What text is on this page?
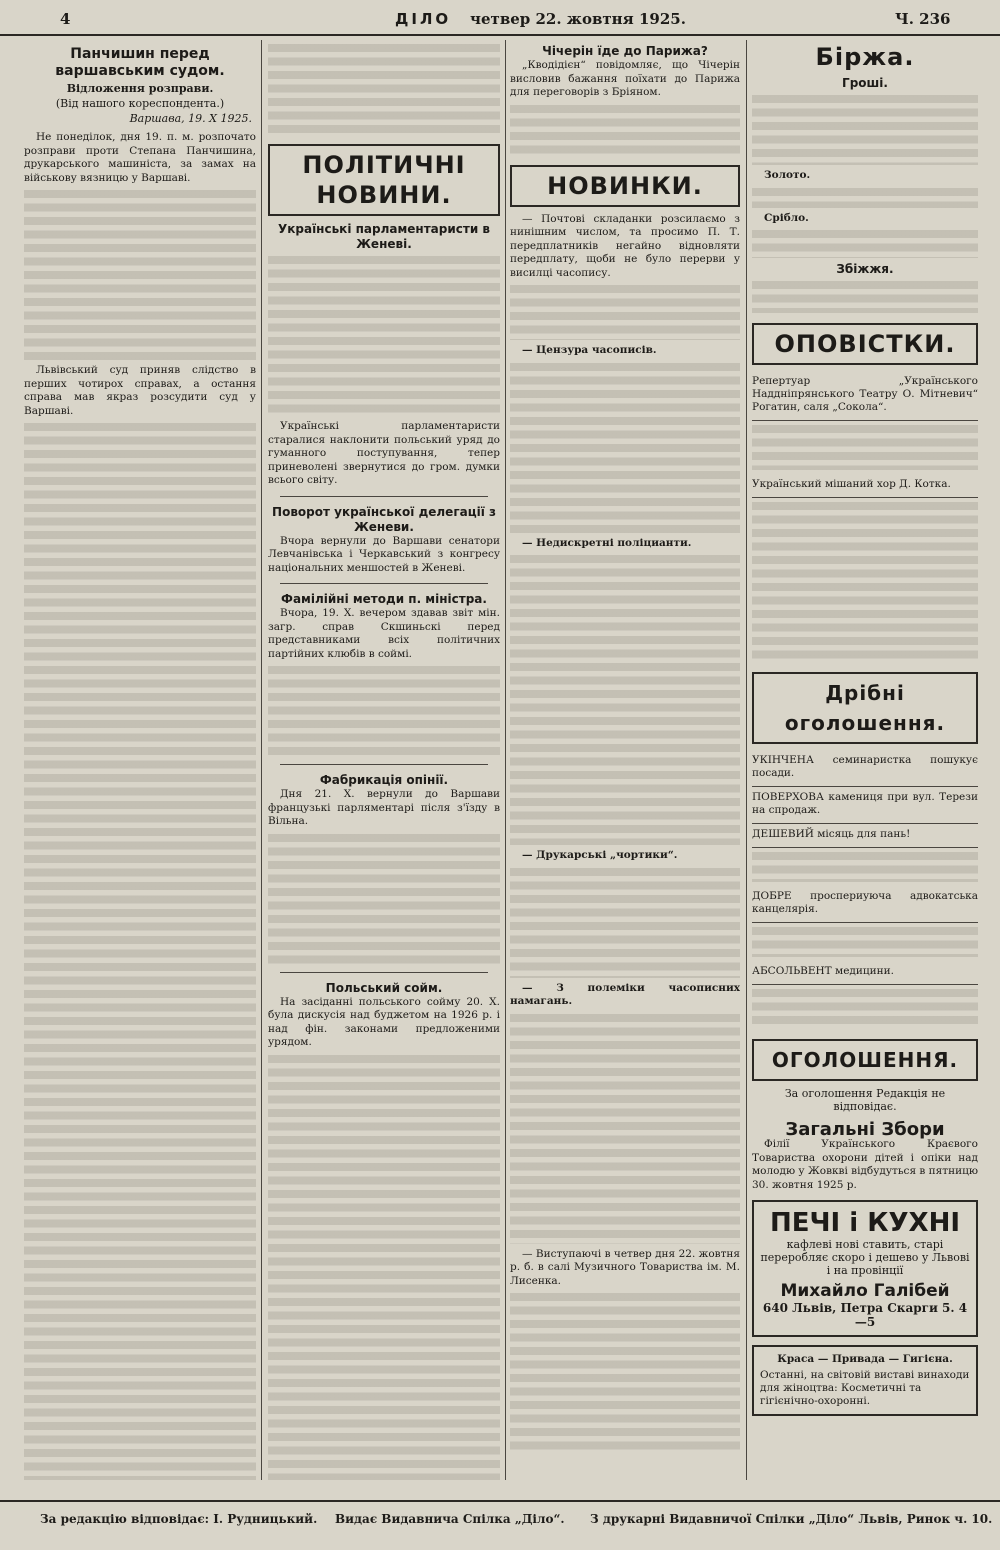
4	ДІЛО четвер 22. жовтня 1925.	Ч. 236
Панчишин перед варшавським судом.
Відложення розправи.
(Від нашого кореспондента.)
Варшава, 19. Х 1925.

Не понеділок, дня 19. п. м. розпочато розправи проти Степана Панчишина, друкарського машиніста, за замах на військову вязницю у Варшаві.

Львівський суд приняв слідство в перших чотирох справах, а остання справа мав якраз розсудити суд у Варшаві.

ПОЛІТИЧНІ НОВИНИ.
Українські парламентаристи в Женеві.

Українські парламентаристи старалися наклонити польський уряд до гуманного поступування, тепер приневолені звернутися до гром. думки всього світу.

Поворот української делегації з Женеви.

Вчора вернули до Варшави сенатори Левчанівська і Черкавський з конгресу національних меншостей в Женеві.

Фамілійні методи п. міністра.

Вчора, 19. X. вечером здавав звіт мін. загр. справ Скшиньскі перед представниками всіх політичних партійних клюбів в соймі.

Фабрикація опінії.

Дня 21. Х. вернули до Варшави французькі парляментарі після з'їзду в Вільна.

Польський сойм.

На засіданні польського сойму 20. Х. була дискусія над буджетом на 1926 р. і над фін. законами предложеними урядом.

Чічерін їде до Парижа?

„Кводідієн“ повідомляє, що Чічерін висловив бажання поїхати до Парижа для переговорів з Бріяном.

НОВИНКИ.

— Почтові складанки розсилаємо з нинішним числом, та просимо П. Т. передплатників негайно відновляти передплату, щоби не було перерви у висилці часопису.

— Цензура часописів.

— Недискретні поліцианти.

— Друкарські „чортики“.

— З полеміки часописних намагань.

— Виступаючі в четвер дня 22. жовтня р. б. в салі Музичного Товариства ім. М. Лисенка.

Біржа.
Гроші.

Золото.

Срібло.

Збіжжя.
ОПОВІСТКИ.

Репертуар „Українського Наддніпрянського Театру О. Мітневич“ Рогатин, саля „Сокола“.

Український мішаний хор Д. Котка.

Дрібні оголошення.

УКІНЧЕНА семинаристка пошукує посади.

ПОВЕРХОВА камениця при вул. Терези на спродаж.

ДЕШЕВИЙ місяць для пань!

ДОБРЕ проспериуюча адвокатська канцелярія.

АБСОЛЬВЕНТ медицини.

ОГОЛОШЕННЯ.
За оголошення Редакція не відповідає.
Загальні Збори

Філії Українського Краєвого Товариства охорони дітей і опіки над молодю у Жовкві відбудуться в пятницю 30. жовтня 1925 р.

ПЕЧІ і КУХНІ
кафлеві нові ставить, старі переробляє скоро і дешево у Львові і на провінції
Михайло Галібей
640 Львів, Петра Скарги 5. 4—5
Краса — Привада — Гигієна.
Останні, на світовій виставі винаходи для жіноцтва: Косметичні та гігієнічно-охоронні.
За редакцію відповідає: І. Рудницький. Видає Видавнича Спілка „Діло“. З друкарні Видавничої Спілки „Діло“ Львів, Ринок ч. 10.
